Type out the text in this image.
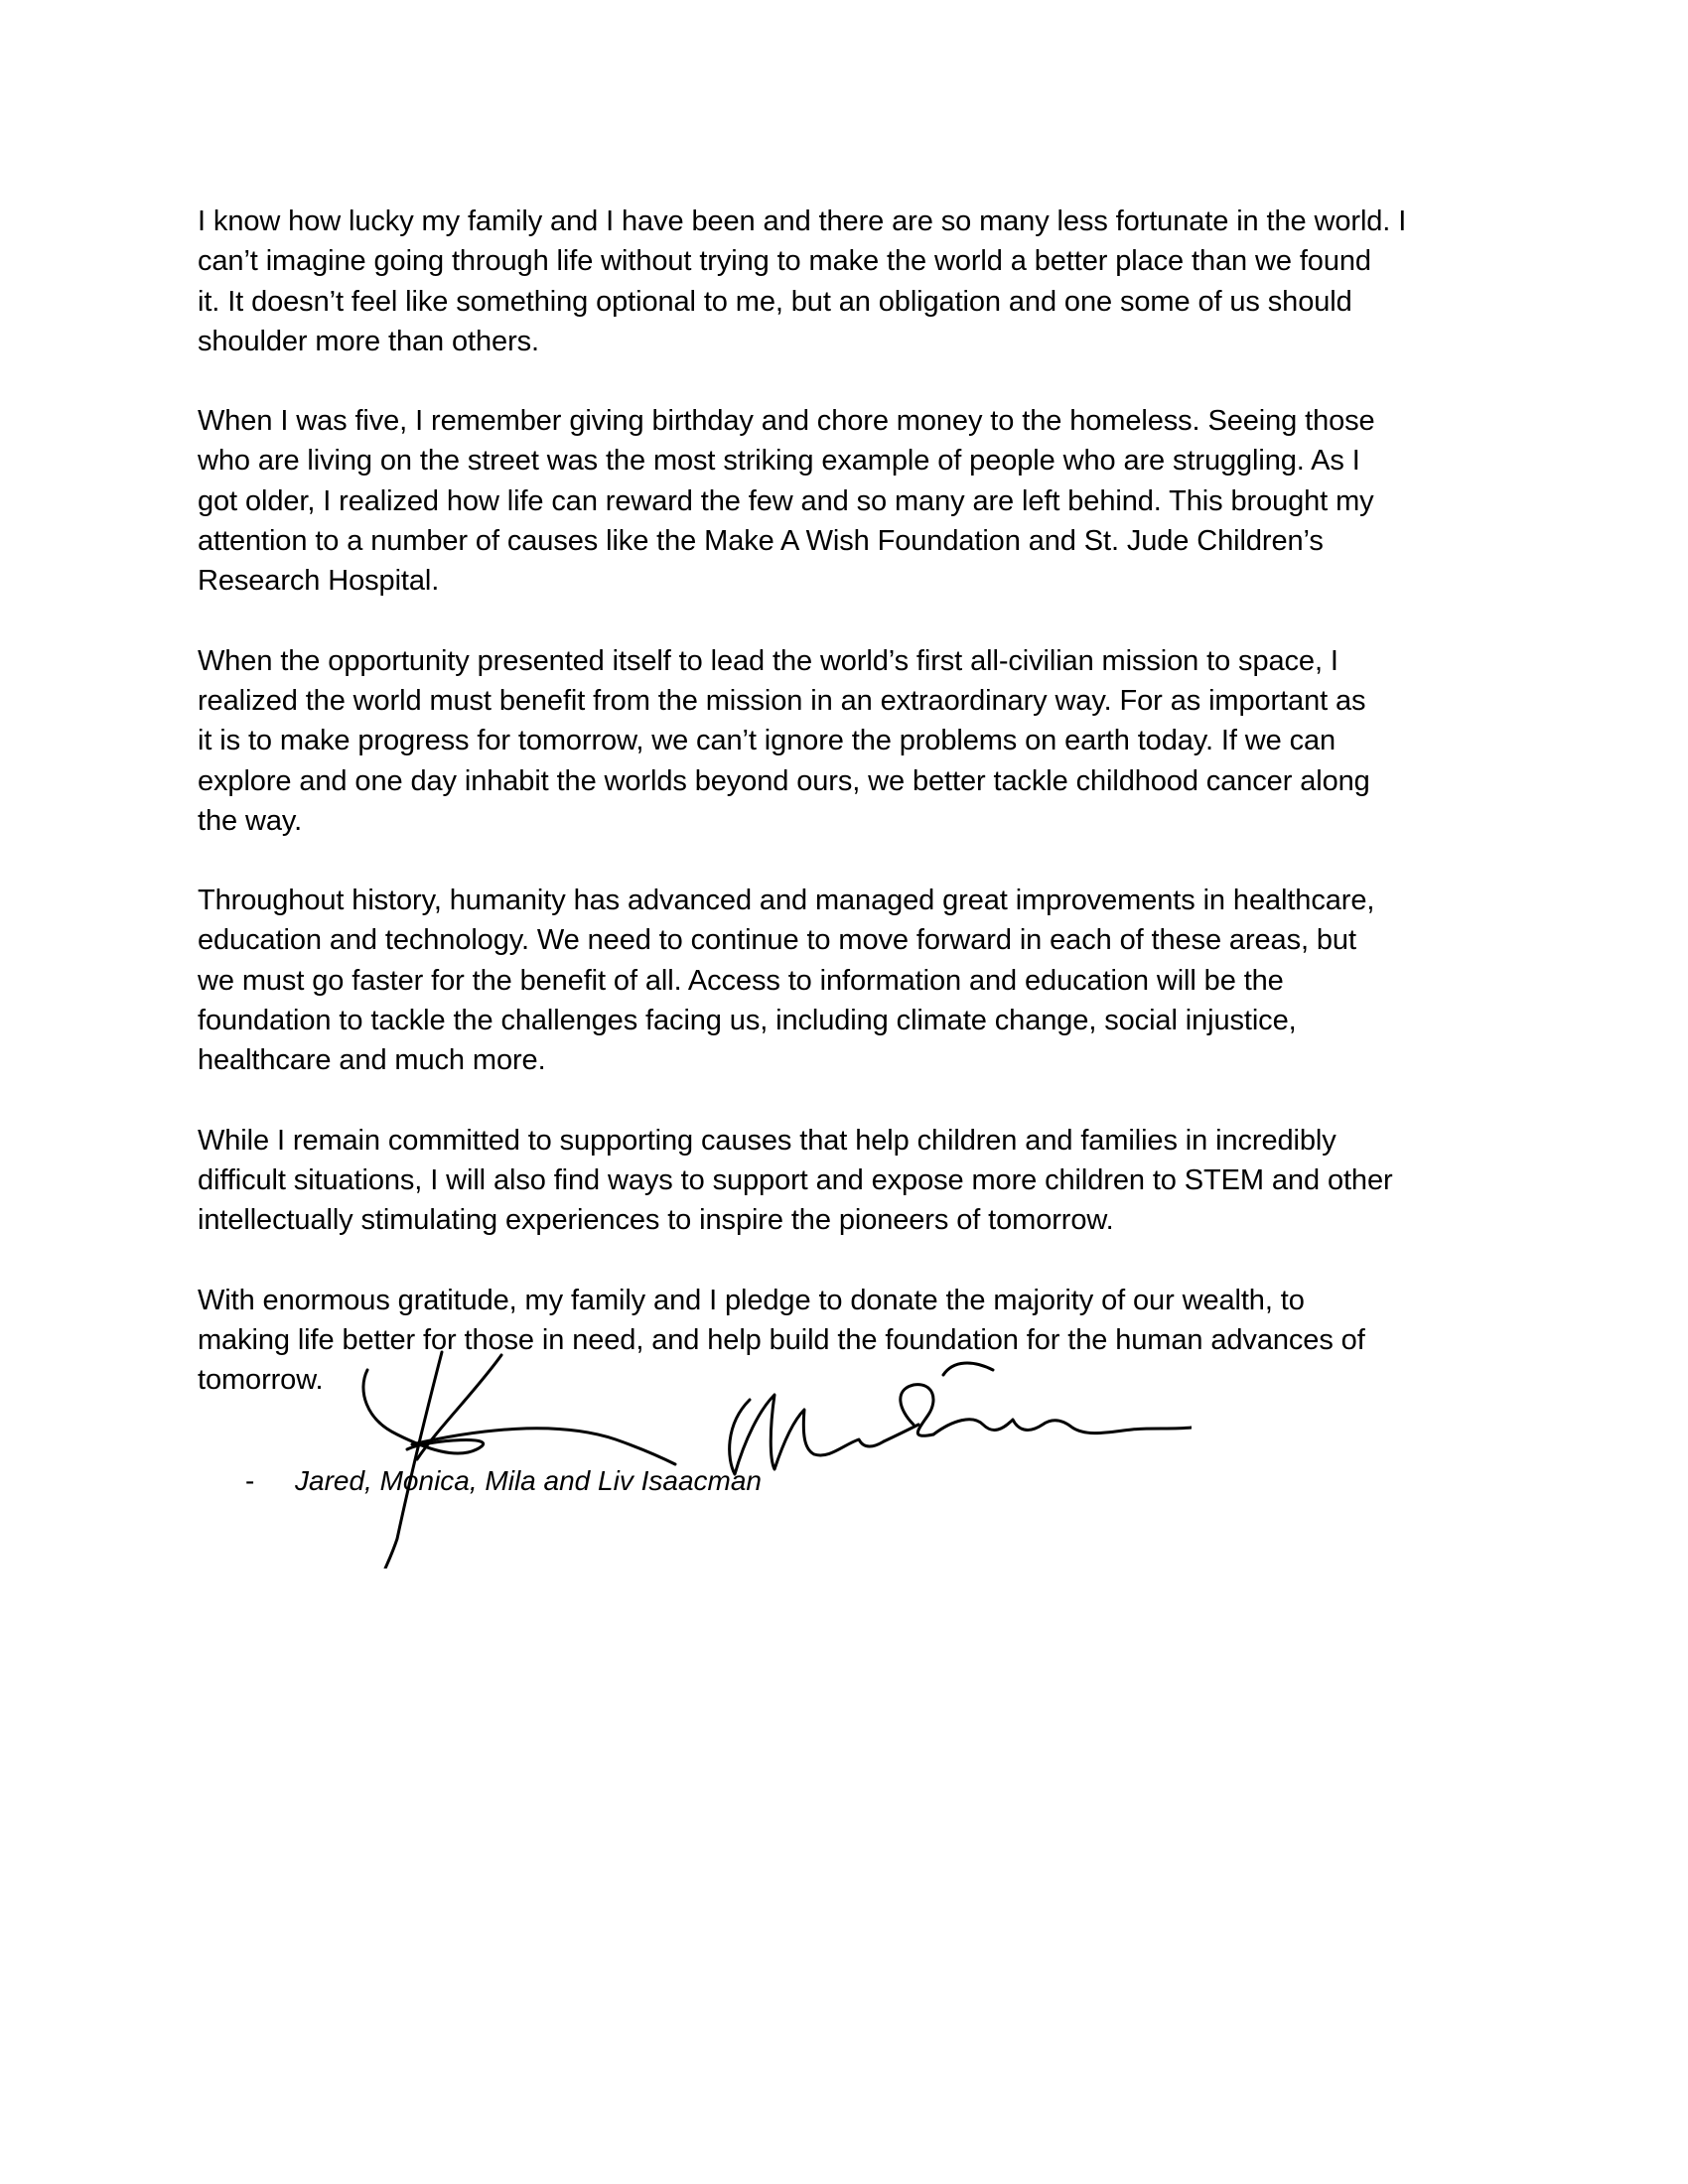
I know how lucky my family and I have been and there are so many less fortunate in the world. I
can’t imagine going through life without trying to make the world a better place than we found
it. It doesn’t feel like something optional to me, but an obligation and one some of us should
shoulder more than others.

When I was five, I remember giving birthday and chore money to the homeless. Seeing those
who are living on the street was the most striking example of people who are struggling. As I
got older, I realized how life can reward the few and so many are left behind. This brought my
attention to a number of causes like the Make A Wish Foundation and St. Jude Children’s
Research Hospital.

When the opportunity presented itself to lead the world’s first all-civilian mission to space, I
realized the world must benefit from the mission in an extraordinary way. For as important as
it is to make progress for tomorrow, we can’t ignore the problems on earth today. If we can
explore and one day inhabit the worlds beyond ours, we better tackle childhood cancer along
the way.

Throughout history, humanity has advanced and managed great improvements in healthcare,
education and technology. We need to continue to move forward in each of these areas, but
we must go faster for the benefit of all. Access to information and education will be the
foundation to tackle the challenges facing us, including climate change, social injustice,
healthcare and much more.

While I remain committed to supporting causes that help children and families in incredibly
difficult situations, I will also find ways to support and expose more children to STEM and other
intellectually stimulating experiences to inspire the pioneers of tomorrow.

With enormous gratitude, my family and I pledge to donate the majority of our wealth, to
making life better for those in need, and help build the foundation for the human advances of
tomorrow.

- Jared, Monica, Mila and Liv Isaacman
